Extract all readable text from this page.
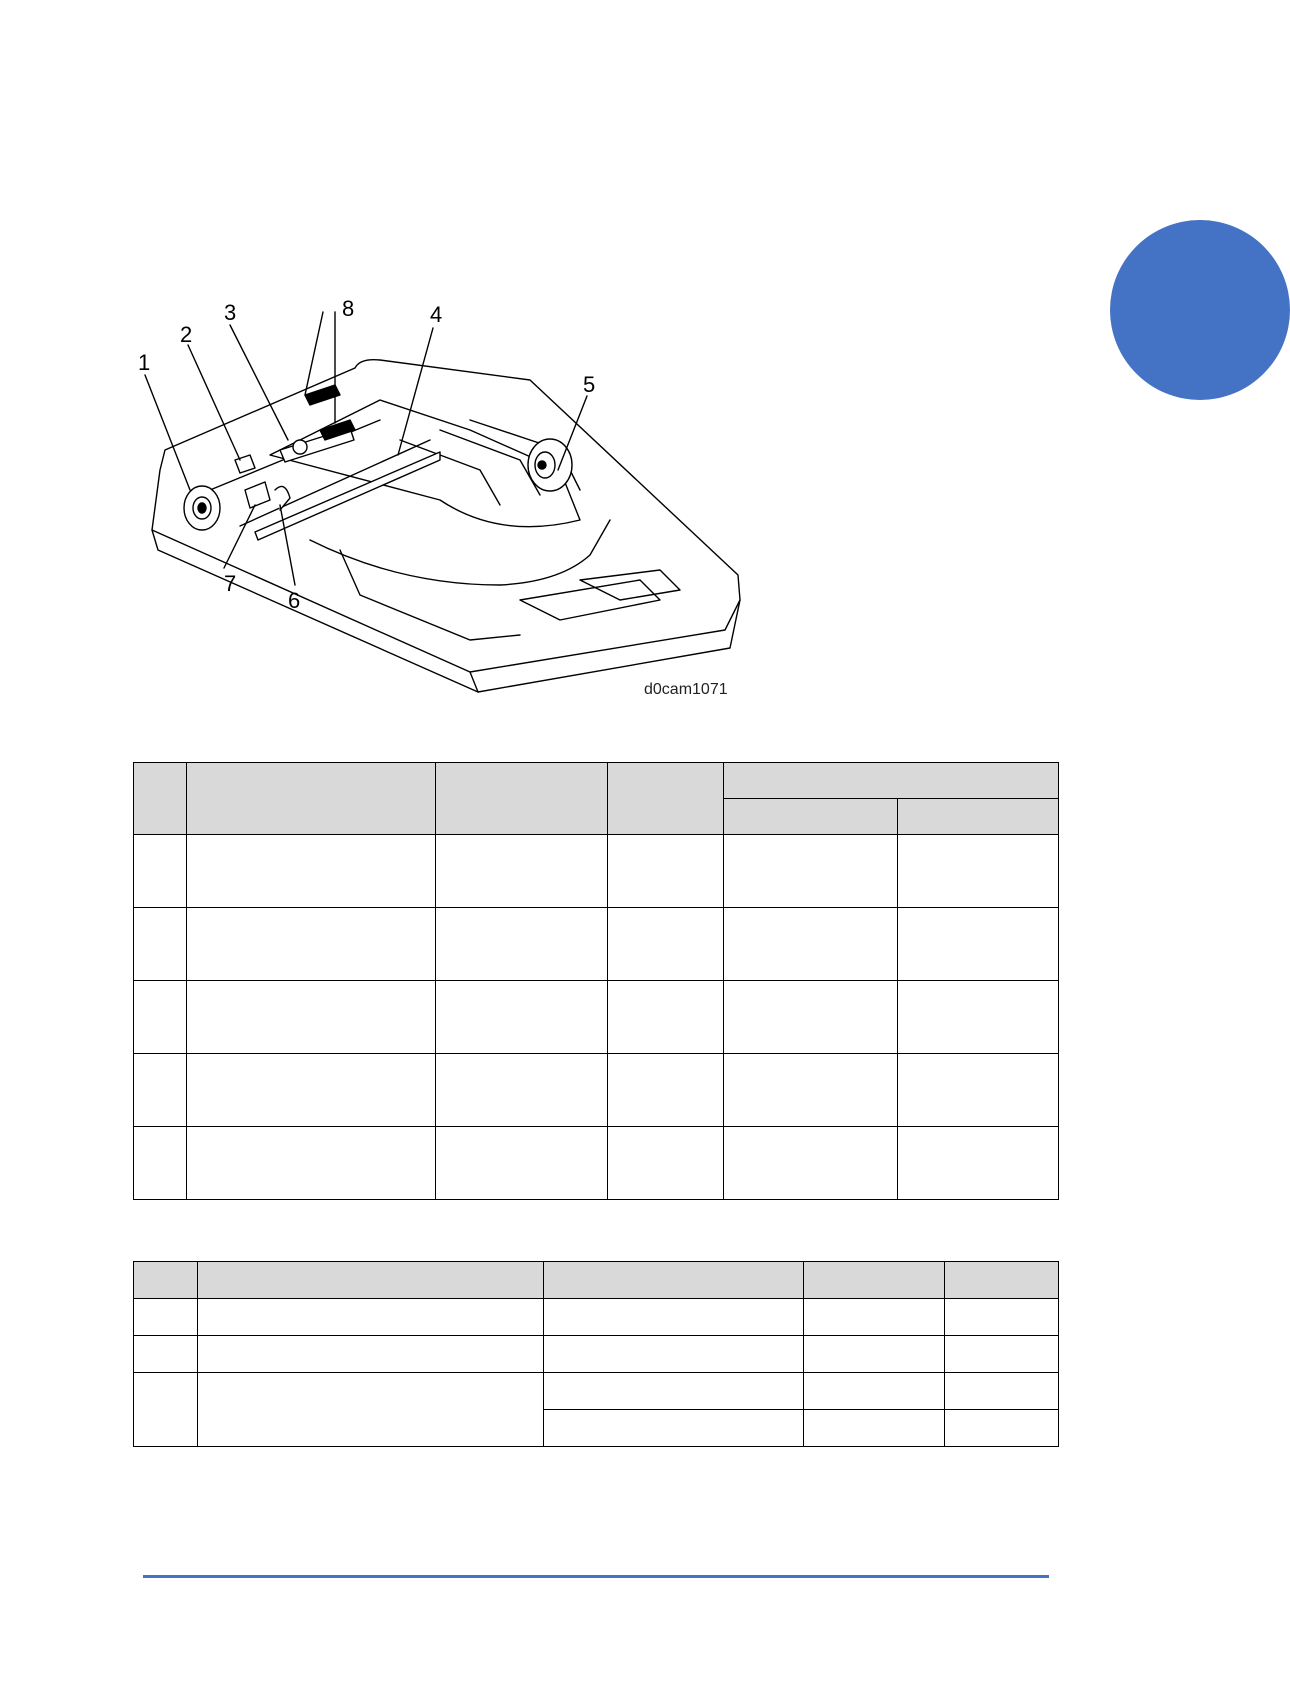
1
2
3	8	4
5
7
6
d0cam1071
